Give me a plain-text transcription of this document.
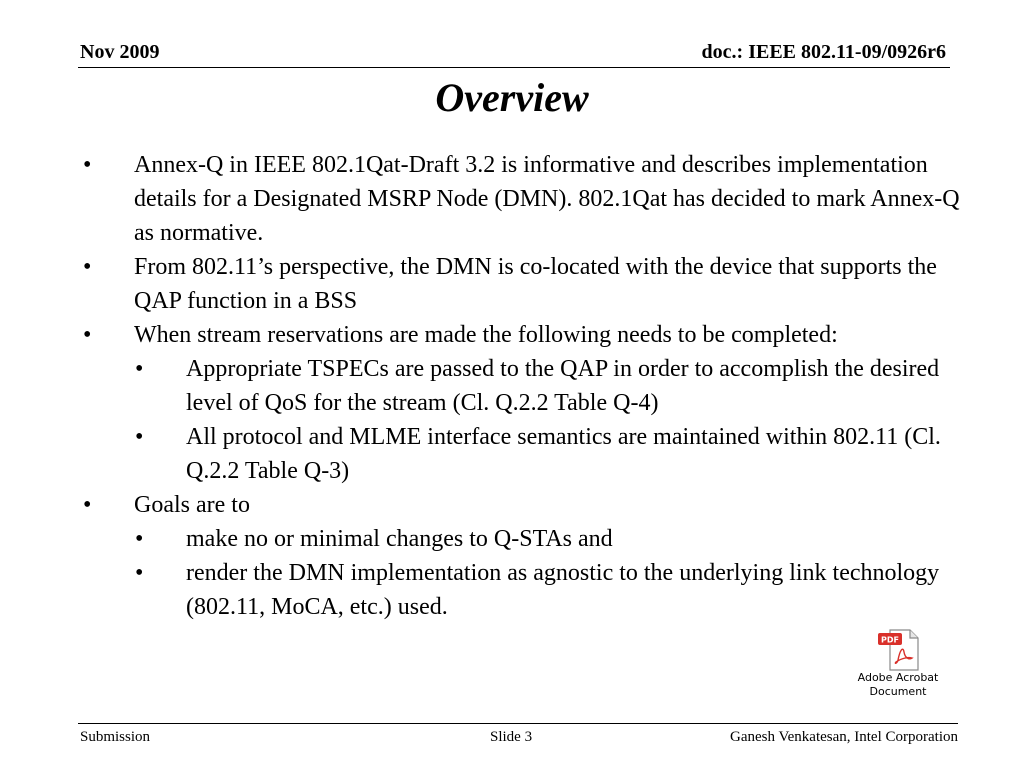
Nov 2009	doc.: IEEE 802.11-09/0926r6
Overview
• Annex-Q in IEEE 802.1Qat-Draft 3.2 is informative and describes implementation details for a Designated MSRP Node (DMN). 802.1Qat has decided to mark Annex-Q as normative.
• From 802.11’s perspective, the DMN is co-located with the device that supports the QAP function in a BSS
• When stream reservations are made the following needs to be completed:
• Appropriate TSPECs are passed to the QAP in order to accomplish the desired level of QoS for the stream (Cl. Q.2.2 Table Q-4)
• All protocol and MLME interface semantics are maintained within 802.11 (Cl. Q.2.2 Table Q-3)
• Goals are to
• make no or minimal changes to Q-STAs and
• render the DMN implementation as agnostic to the underlying link technology (802.11, MoCA, etc.) used.
PDF
Adobe Acrobat
Document
Submission	Slide 3	Ganesh Venkatesan, Intel Corporation
